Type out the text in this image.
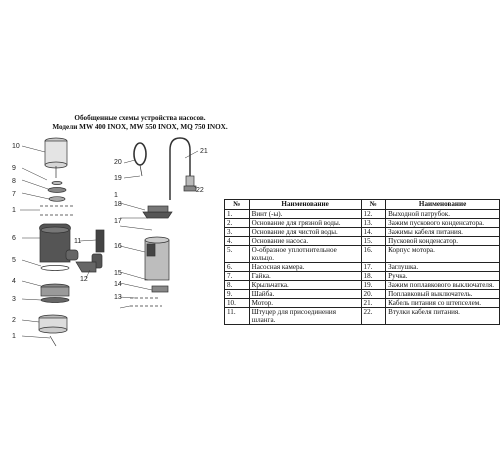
Обобщенные схемы устройства насосов.
Модели MW 400 INOX, MW 550 INOX, MQ 750 INOX.
10
9
8
7
1
6
5
4
3
2
1
20
19
18
1
17
16
15
14
13
12
11
21
22
№	Наименование	№	Наименование
1.	Винт (-ы).	12.	Выходной патрубок.
2.	Основание для грязной воды.	13.	Зажим пускового конденсатора.
3.	Основание для чистой воды.	14.	Зажимы кабеля питания.
4.	Основание насоса.	15.	Пусковой конденсатор.
5.	О-образное уплотнительное кольцо.	16.	Корпус мотора.
6.	Насосная камера.	17.	Заглушка.
7.	Гайка.	18.	Ручка.
8.	Крыльчатка.	19.	Зажим поплавкового выключателя.
9.	Шайба.	20.	Поплавковый выключатель.
10.	Мотор.	21.	Кабель питания со штепселем.
11.	Штуцер для присоединения шланга.	22.	Втулки кабеля питания.
